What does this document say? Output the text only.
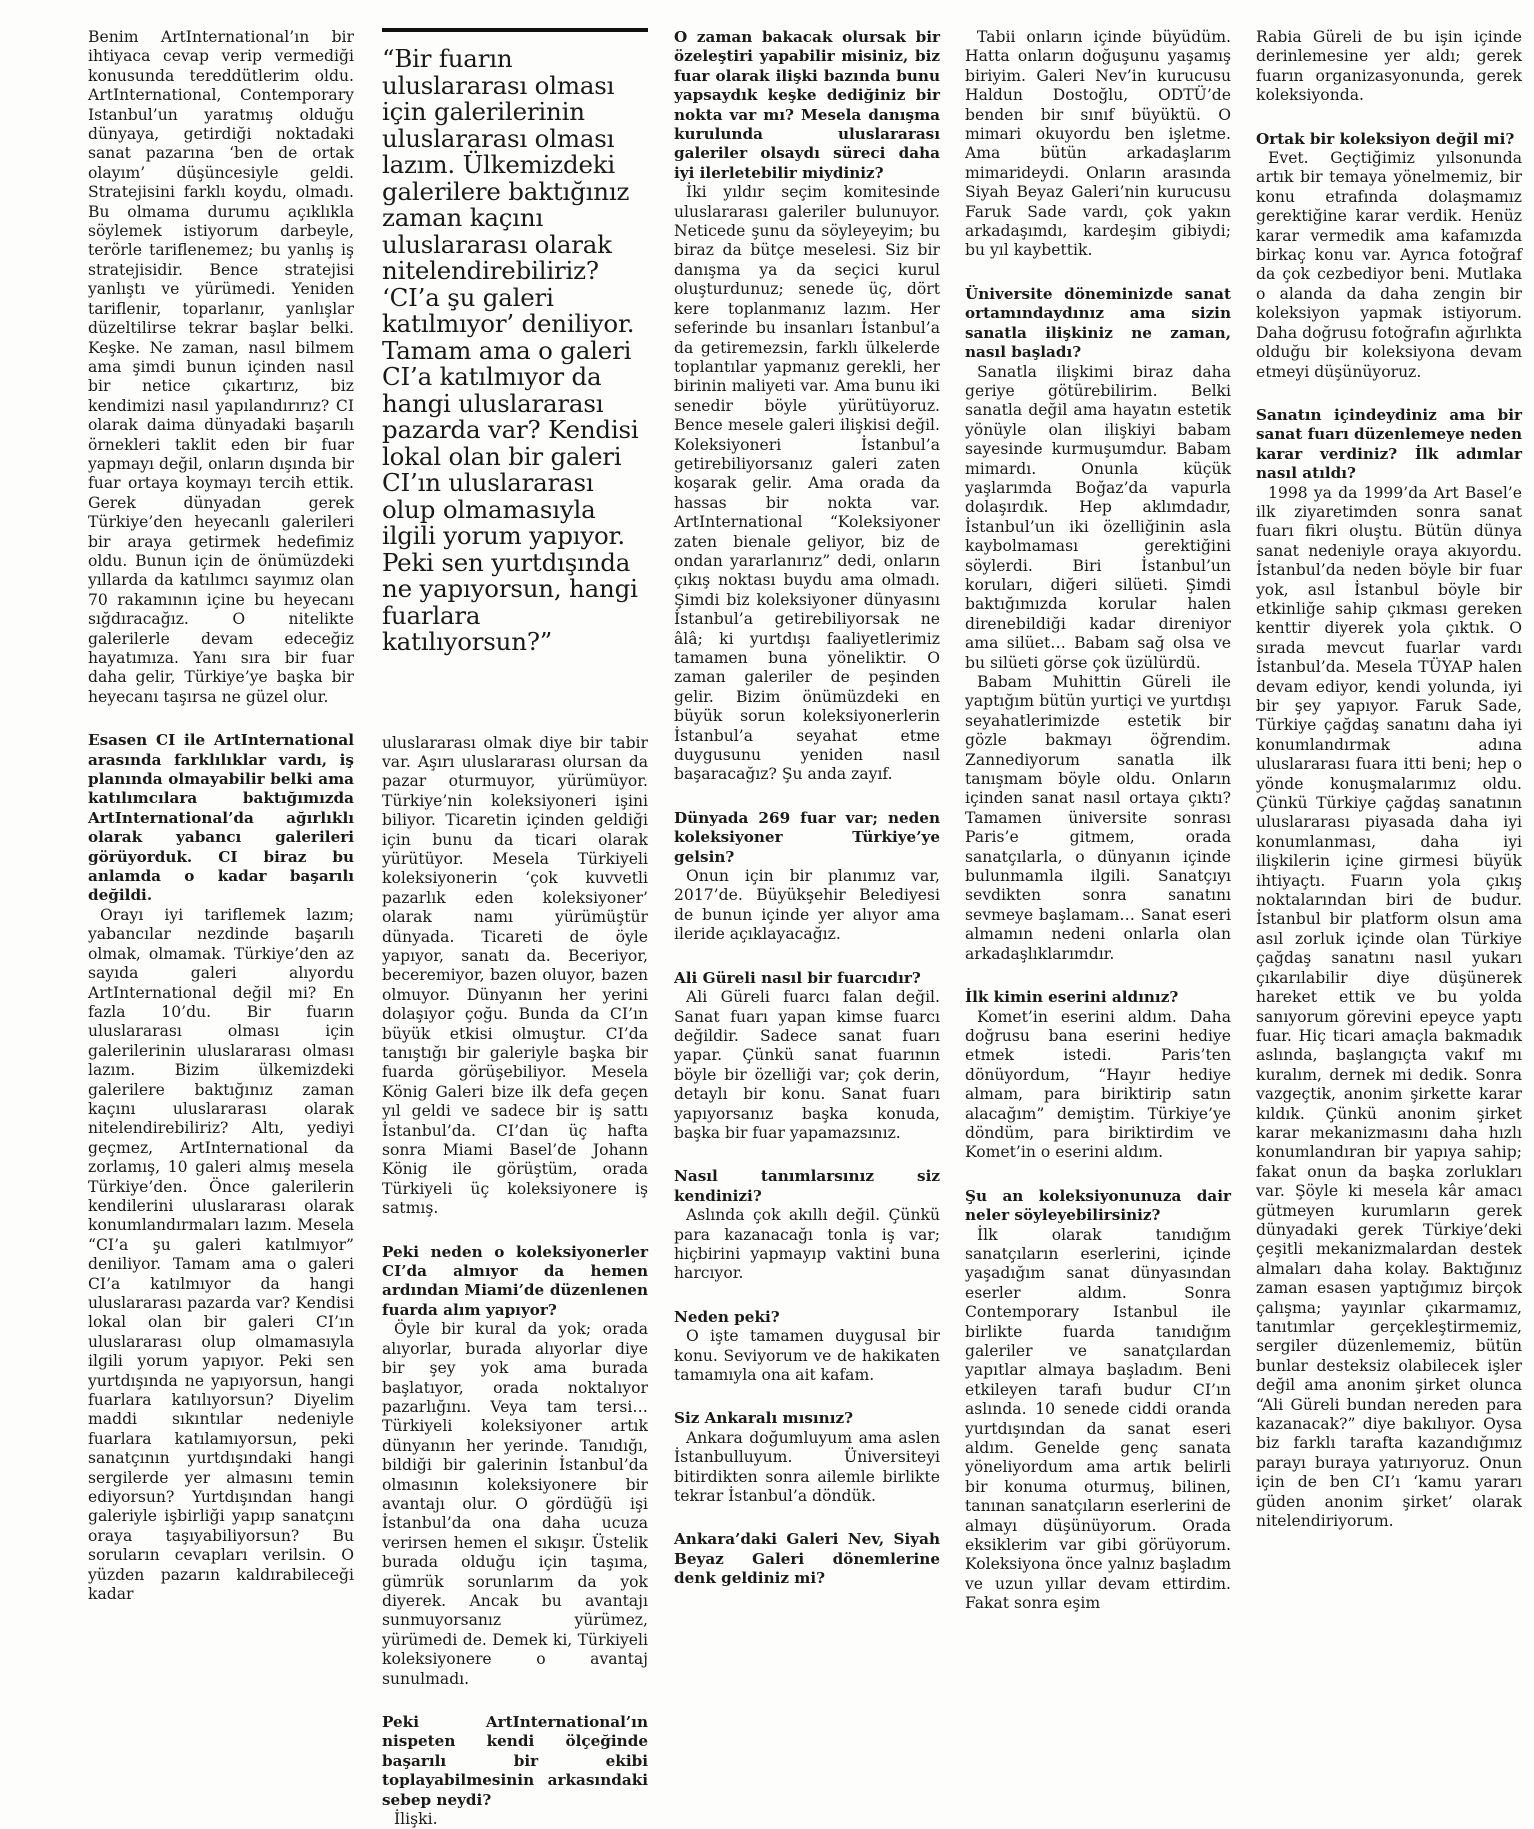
Benim ArtInternational’ın bir ihtiyaca cevap verip vermediği konusunda tereddütlerim oldu. ArtInternational, Contemporary Istanbul’un yaratmış olduğu dünyaya, getirdiği noktadaki sanat pazarına ‘ben de ortak olayım’ düşüncesiyle geldi. Stratejisini farklı koydu, olmadı. Bu olmama durumu açıklıkla söylemek istiyorum darbeyle, terörle tariflenemez; bu yanlış iş stratejisidir. Bence stratejisi yanlıştı ve yürümedi. Yeniden tariflenir, toparlanır, yanlışlar düzeltilirse tekrar başlar belki. Keşke. Ne zaman, nasıl bilmem ama şimdi bunun içinden nasıl bir netice çıkartırız, biz kendimizi nasıl yapılandırırız? CI olarak daima dünyadaki başarılı örnekleri taklit eden bir fuar yapmayı değil, onların dışında bir fuar ortaya koymayı tercih ettik. Gerek dünyadan gerek Türkiye’den heyecanlı galerileri bir araya getirmek hedefimiz oldu. Bunun için de önümüzdeki yıllarda da katılımcı sayımız olan 70 rakamının içine bu heyecanı sığdıracağız. O nitelikte galerilerle devam edeceğiz hayatımıza. Yanı sıra bir fuar daha gelir, Türkiye’ye başka bir heyecanı taşırsa ne güzel olur.

Esasen CI ile ArtInternational arasında farklılıklar vardı, iş planında olmayabilir belki ama katılımcılara baktığımızda ArtInternational’da ağırlıklı olarak yabancı galerileri görüyorduk. CI biraz bu anlamda o kadar başarılı değildi.

Orayı iyi tariflemek lazım; yabancılar nezdinde başarılı olmak, olmamak. Türkiye’den az sayıda galeri alıyordu ArtInternational değil mi? En fazla 10’du. Bir fuarın uluslararası olması için galerilerinin uluslararası olması lazım. Bizim ülkemizdeki galerilere baktığınız zaman kaçını uluslararası olarak nitelendirebiliriz? Altı, yediyi geçmez, ArtInternational da zorlamış, 10 galeri almış mesela Türkiye’den. Önce galerilerin kendilerini uluslararası olarak konumlandırmaları lazım. Mesela “CI’a şu galeri katılmıyor” deniliyor. Tamam ama o galeri CI’a katılmıyor da hangi uluslararası pazarda var? Kendisi lokal olan bir galeri CI’ın uluslararası olup olmamasıyla ilgili yorum yapıyor. Peki sen yurtdışında ne yapıyorsun, hangi fuarlara katılıyorsun? Diyelim maddi sıkıntılar nedeniyle fuarlara katılamıyorsun, peki sanatçının yurtdışındaki hangi sergilerde yer almasını temin ediyorsun? Yurtdışından hangi galeriyle işbirliği yapıp sanatçını oraya taşıyabiliyorsun? Bu soruların cevapları verilsin. O yüzden pazarın kaldırabileceği kadar

“Bir fuarın uluslararası olması için galerilerinin uluslararası olması lazım. Ülkemizdeki galerilere baktığınız zaman kaçını uluslararası olarak nitelendirebiliriz? ‘CI’a şu galeri katılmıyor’ deniliyor. Tamam ama o galeri CI’a katılmıyor da hangi uluslararası pazarda var? Kendisi lokal olan bir galeri CI’ın uluslararası olup olmamasıyla ilgili yorum yapıyor. Peki sen yurtdışında ne yapıyorsun, hangi fuarlara katılıyorsun?”

uluslararası olmak diye bir tabir var. Aşırı uluslararası olursan da pazar oturmuyor, yürümüyor. Türkiye’nin koleksiyoneri işini biliyor. Ticaretin içinden geldiği için bunu da ticari olarak yürütüyor. Mesela Türkiyeli koleksiyonerin ‘çok kuvvetli pazarlık eden koleksiyoner’ olarak namı yürümüştür dünyada. Ticareti de öyle yapıyor, sanatı da. Beceriyor, beceremiyor, bazen oluyor, bazen olmuyor. Dünyanın her yerini dolaşıyor çoğu. Bunda da CI’ın büyük etkisi olmuştur. CI’da tanıştığı bir galeriyle başka bir fuarda görüşebiliyor. Mesela König Galeri bize ilk defa geçen yıl geldi ve sadece bir iş sattı İstanbul’da. CI’dan üç hafta sonra Miami Basel’de Johann König ile görüştüm, orada Türkiyeli üç koleksiyonere iş satmış.

Peki neden o koleksiyonerler CI’da almıyor da hemen ardından Miami’de düzenlenen fuarda alım yapıyor?

Öyle bir kural da yok; orada alıyorlar, burada alıyorlar diye bir şey yok ama burada başlatıyor, orada noktalıyor pazarlığını. Veya tam tersi…Türkiyeli koleksiyoner artık dünyanın her yerinde. Tanıdığı, bildiği bir galerinin İstanbul’da olmasının koleksiyonere bir avantajı olur. O gördüğü işi İstanbul’da ona daha ucuza verirsen hemen el sıkışır. Üstelik burada olduğu için taşıma, gümrük sorunlarım da yok diyerek. Ancak bu avantajı sunmuyorsanız yürümez, yürümedi de. Demek ki, Türkiyeli koleksiyonere o avantaj sunulmadı.

Peki ArtInternational’ın nispeten kendi ölçeğinde başarılı bir ekibi toplayabilmesinin arkasındaki sebep neydi?

İlişki.

O zaman bakacak olursak bir özeleştiri yapabilir misiniz, biz fuar olarak ilişki bazında bunu yapsaydık keşke dediğiniz bir nokta var mı? Mesela danışma kurulunda uluslararası galeriler olsaydı süreci daha iyi ilerletebilir miydiniz?

İki yıldır seçim komitesinde uluslararası galeriler bulunuyor. Neticede şunu da söyleyeyim; bu biraz da bütçe meselesi. Siz bir danışma ya da seçici kurul oluşturdunuz; senede üç, dört kere toplanmanız lazım. Her seferinde bu insanları İstanbul’a da getiremezsin, farklı ülkelerde toplantılar yapmanız gerekli, her birinin maliyeti var. Ama bunu iki senedir böyle yürütüyoruz. Bence mesele galeri ilişkisi değil. Koleksiyoneri İstanbul’a getirebiliyorsanız galeri zaten koşarak gelir. Ama orada da hassas bir nokta var. ArtInternational “Koleksiyoner zaten bienale geliyor, biz de ondan yararlanırız” dedi, onların çıkış noktası buydu ama olmadı. Şimdi biz koleksiyoner dünyasını İstanbul’a getirebiliyorsak ne âlâ; ki yurtdışı faaliyetlerimiz tamamen buna yöneliktir. O zaman galeriler de peşinden gelir. Bizim önümüzdeki en büyük sorun koleksiyonerlerin İstanbul’a seyahat etme duygusunu yeniden nasıl başaracağız? Şu anda zayıf.

Dünyada 269 fuar var; neden koleksiyoner Türkiye’ye gelsin?

Onun için bir planımız var, 2017’de. Büyükşehir Belediyesi de bunun içinde yer alıyor ama ileride açıklayacağız.

Ali Güreli nasıl bir fuarcıdır?

Ali Güreli fuarcı falan değil. Sanat fuarı yapan kimse fuarcı değildir. Sadece sanat fuarı yapar. Çünkü sanat fuarının böyle bir özelliği var; çok derin, detaylı bir konu. Sanat fuarı yapıyorsanız başka konuda, başka bir fuar yapamazsınız.

Nasıl tanımlarsınız siz kendinizi?

Aslında çok akıllı değil. Çünkü para kazanacağı tonla iş var; hiçbirini yapmayıp vaktini buna harcıyor.

Neden peki?

O işte tamamen duygusal bir konu. Seviyorum ve de hakikaten tamamıyla ona ait kafam.

Siz Ankaralı mısınız?

Ankara doğumluyum ama aslen İstanbulluyum. Üniversiteyi bitirdikten sonra ailemle birlikte tekrar İstanbul’a döndük.

Ankara’daki Galeri Nev, Siyah Beyaz Galeri dönemlerine denk geldiniz mi?

Tabii onların içinde büyüdüm. Hatta onların doğuşunu yaşamış biriyim. Galeri Nev’in kurucusu Haldun Dostoğlu, ODTÜ’de benden bir sınıf büyüktü. O mimari okuyordu ben işletme. Ama bütün arkadaşlarım mimarideydi. Onların arasında Siyah Beyaz Galeri’nin kurucusu Faruk Sade vardı, çok yakın arkadaşımdı, kardeşim gibiydi; bu yıl kaybettik.

Üniversite döneminizde sanat ortamındaydınız ama sizin sanatla ilişkiniz ne zaman, nasıl başladı?

Sanatla ilişkimi biraz daha geriye götürebilirim. Belki sanatla değil ama hayatın estetik yönüyle olan ilişkiyi babam sayesinde kurmuşumdur. Babam mimardı. Onunla küçük yaşlarımda Boğaz’da vapurla dolaşırdık. Hep aklımdadır, İstanbul’un iki özelliğinin asla kaybolmaması gerektiğini söylerdi. Biri İstanbul’un koruları, diğeri silüeti. Şimdi baktığımızda korular halen direnebildiği kadar direniyor ama silüet… Babam sağ olsa ve bu silüeti görse çok üzülürdü.

Babam Muhittin Güreli ile yaptığım bütün yurtiçi ve yurtdışı seyahatlerimizde estetik bir gözle bakmayı öğrendim. Zannediyorum sanatla ilk tanışmam böyle oldu. Onların içinden sanat nasıl ortaya çıktı? Tamamen üniversite sonrası Paris’e gitmem, orada sanatçılarla, o dünyanın içinde bulunmamla ilgili. Sanatçıyı sevdikten sonra sanatını sevmeye başlamam… Sanat eseri almamın nedeni onlarla olan arkadaşlıklarımdır.

İlk kimin eserini aldınız?

Komet’in eserini aldım. Daha doğrusu bana eserini hediye etmek istedi. Paris’ten dönüyordum, “Hayır hediye almam, para biriktirip satın alacağım” demiştim. Türkiye’ye döndüm, para biriktirdim ve Komet’in o eserini aldım.

Şu an koleksiyonunuza dair neler söyleyebilirsiniz?

İlk olarak tanıdığım sanatçıların eserlerini, içinde yaşadığım sanat dünyasından eserler aldım. Sonra Contemporary Istanbul ile birlikte fuarda tanıdığım galeriler ve sanatçılardan yapıtlar almaya başladım. Beni etkileyen tarafı budur CI’ın aslında. 10 senede ciddi oranda yurtdışından da sanat eseri aldım. Genelde genç sanata yöneliyordum ama artık belirli bir konuma oturmuş, bilinen, tanınan sanatçıların eserlerini de almayı düşünüyorum. Orada eksiklerim var gibi görüyorum. Koleksiyona önce yalnız başladım ve uzun yıllar devam ettirdim. Fakat sonra eşim

Rabia Güreli de bu işin içinde derinlemesine yer aldı; gerek fuarın organizasyonunda, gerek koleksiyonda.

Ortak bir koleksiyon değil mi?

Evet. Geçtiğimiz yılsonunda artık bir temaya yönelmemiz, bir konu etrafında dolaşmamız gerektiğine karar verdik. Henüz karar vermedik ama kafamızda birkaç konu var. Ayrıca fotoğraf da çok cezbediyor beni. Mutlaka o alanda da daha zengin bir koleksiyon yapmak istiyorum. Daha doğrusu fotoğrafın ağırlıkta olduğu bir koleksiyona devam etmeyi düşünüyoruz.

Sanatın içindeydiniz ama bir sanat fuarı düzenlemeye neden karar verdiniz? İlk adımlar nasıl atıldı?

1998 ya da 1999’da Art Basel’e ilk ziyaretimden sonra sanat fuarı fikri oluştu. Bütün dünya sanat nedeniyle oraya akıyordu. İstanbul’da neden böyle bir fuar yok, asıl İstanbul böyle bir etkinliğe sahip çıkması gereken kenttir diyerek yola çıktık. O sırada mevcut fuarlar vardı İstanbul’da. Mesela TÜYAP halen devam ediyor, kendi yolunda, iyi bir şey yapıyor. Faruk Sade, Türkiye çağdaş sanatını daha iyi konumlandırmak adına uluslararası fuara itti beni; hep o yönde konuşmalarımız oldu. Çünkü Türkiye çağdaş sanatının uluslararası piyasada daha iyi konumlanması, daha iyi ilişkilerin içine girmesi büyük ihtiyaçtı. Fuarın yola çıkış noktalarından biri de budur. İstanbul bir platform olsun ama asıl zorluk içinde olan Türkiye çağdaş sanatını nasıl yukarı çıkarılabilir diye düşünerek hareket ettik ve bu yolda sanıyorum görevini epeyce yaptı fuar. Hiç ticari amaçla bakmadık aslında, başlangıçta vakıf mı kuralım, dernek mi dedik. Sonra vazgeçtik, anonim şirkette karar kıldık. Çünkü anonim şirket karar mekanizmasını daha hızlı konumlandıran bir yapıya sahip; fakat onun da başka zorlukları var. Şöyle ki mesela kâr amacı gütmeyen kurumların gerek dünyadaki gerek Türkiye’deki çeşitli mekanizmalardan destek almaları daha kolay. Baktığınız zaman esasen yaptığımız birçok çalışma; yayınlar çıkarmamız, tanıtımlar gerçekleştirmemiz, sergiler düzenlememiz, bütün bunlar desteksiz olabilecek işler değil ama anonim şirket olunca “Ali Güreli bundan nereden para kazanacak?” diye bakılıyor. Oysa biz farklı tarafta kazandığımız parayı buraya yatırıyoruz. Onun için de ben CI’ı ‘kamu yararı güden anonim şirket’ olarak nitelendiriyorum.
